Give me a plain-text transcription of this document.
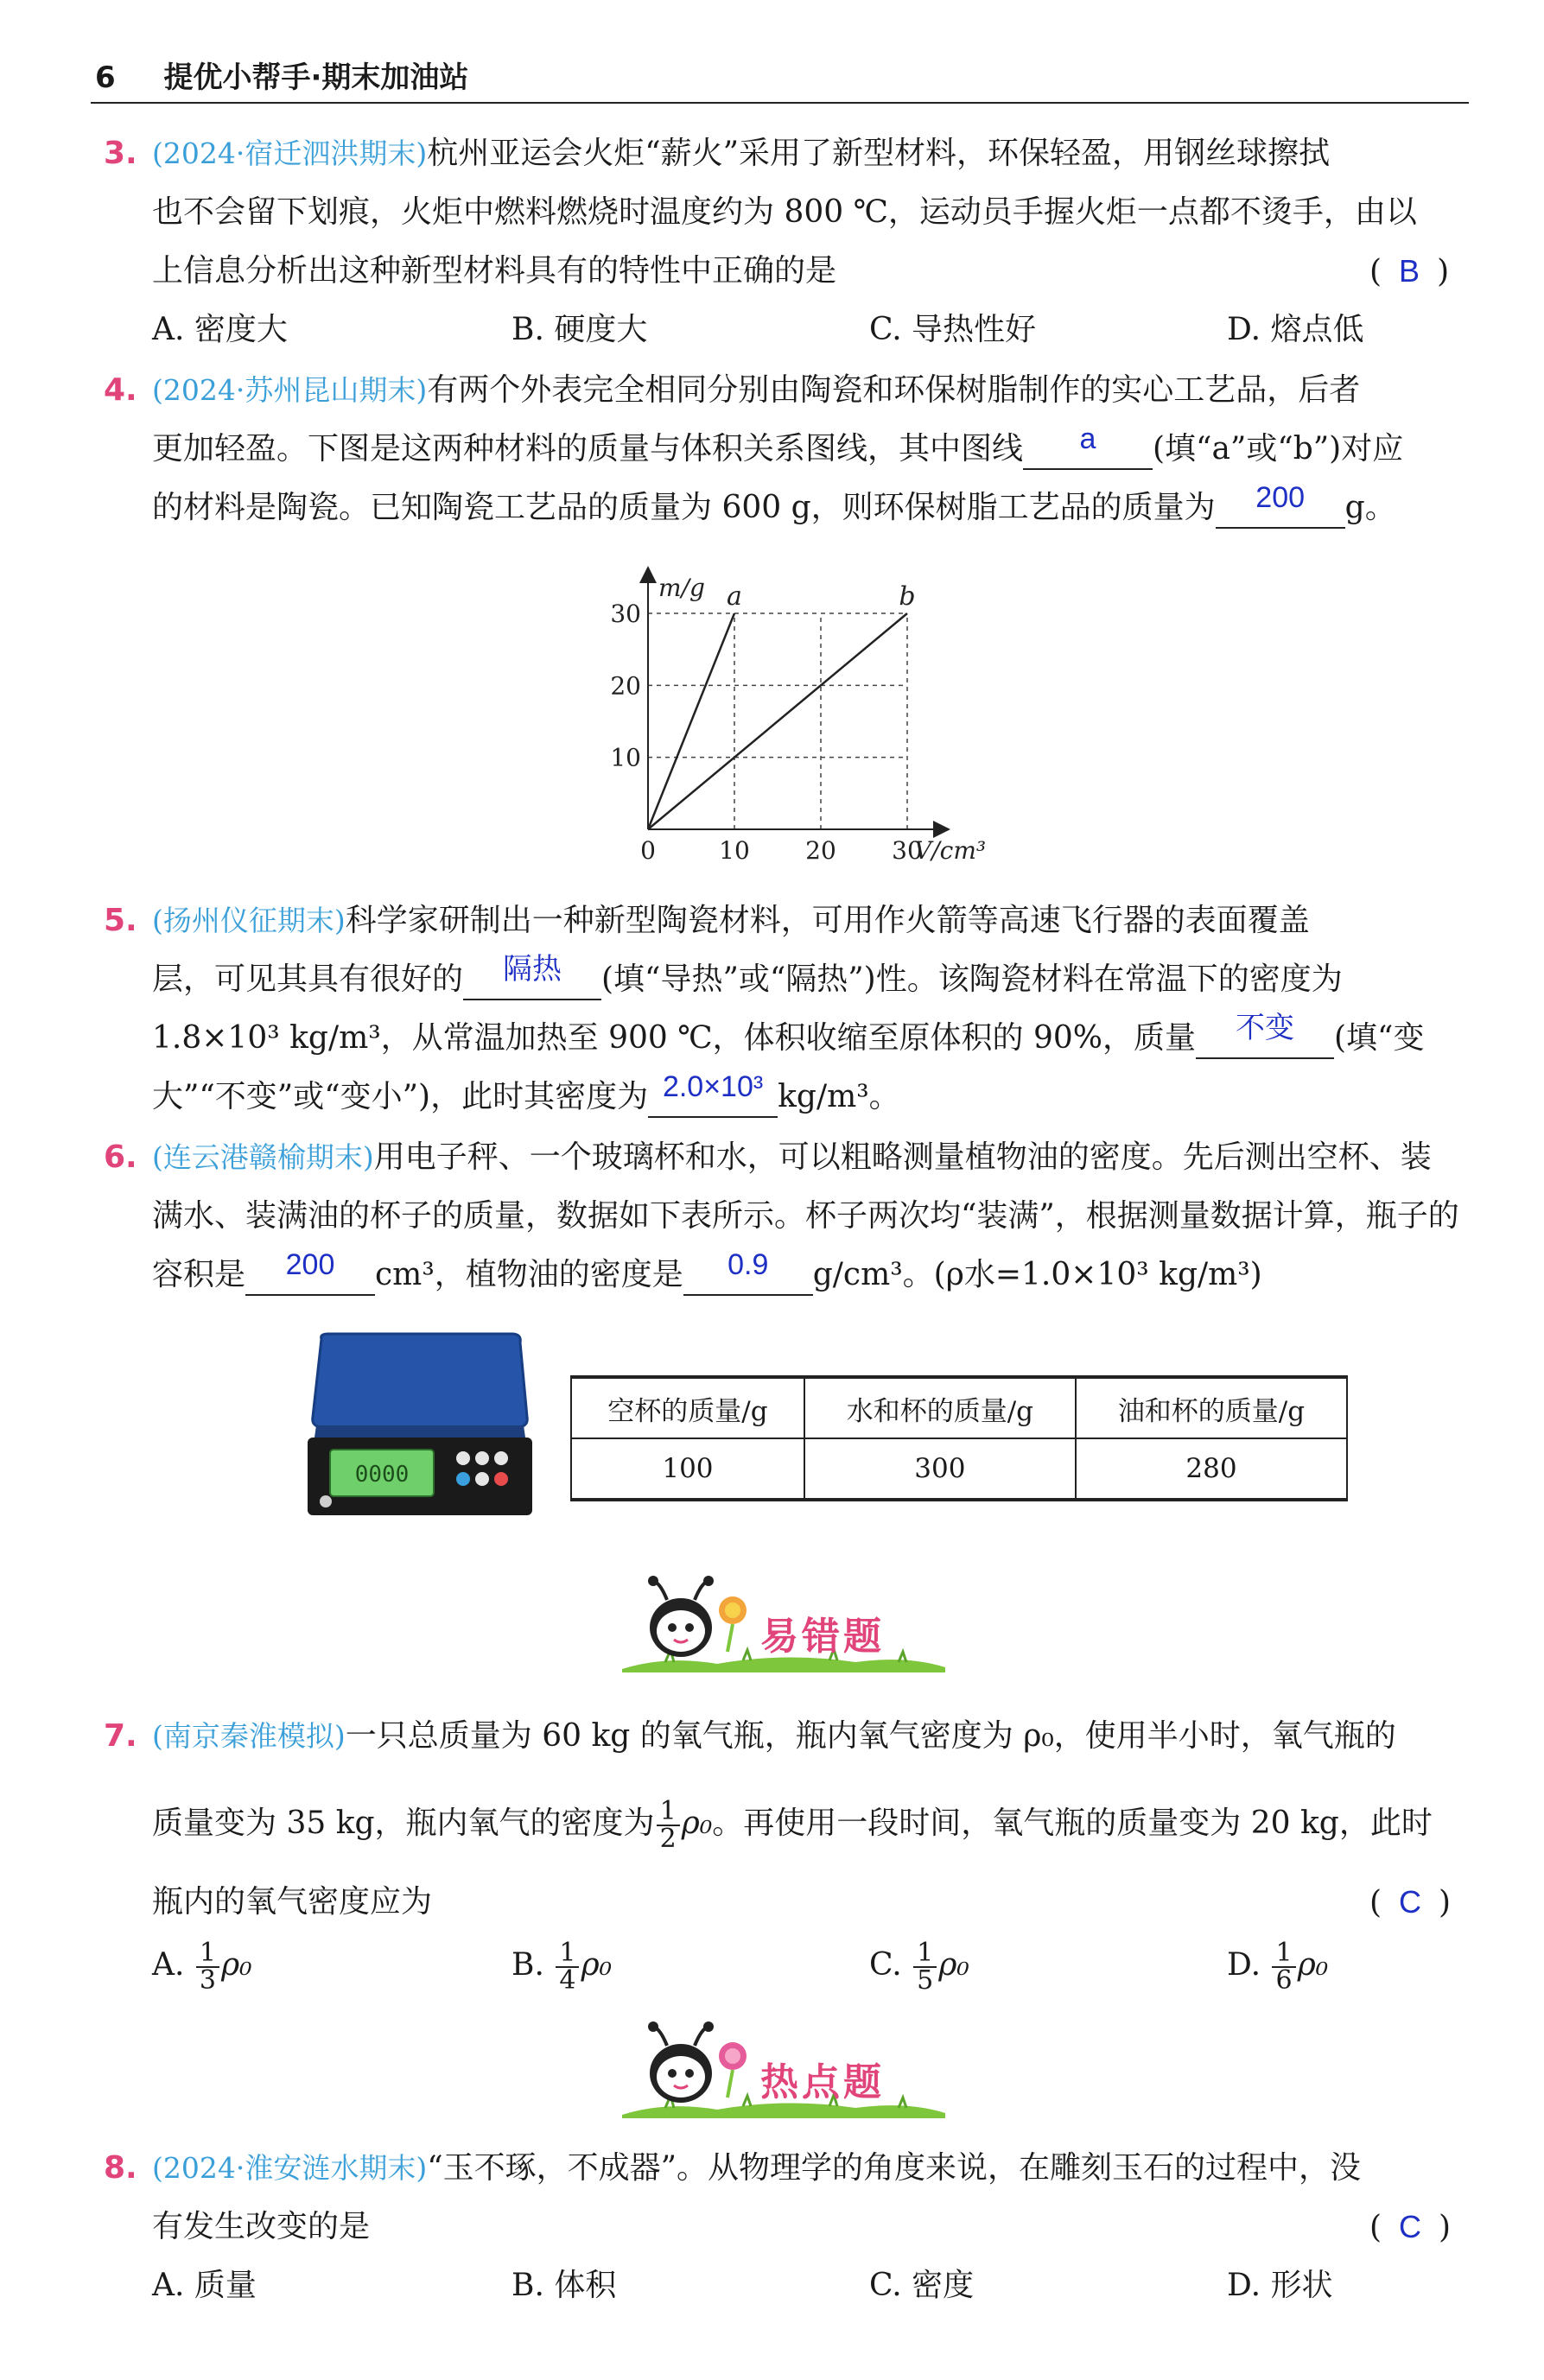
6 提优小帮手·期末加油站
3. (2024·宿迁泗洪期末)杭州亚运会火炬“薪火”采用了新型材料，环保轻盈，用钢丝球擦拭
也不会留下划痕，火炬中燃料燃烧时温度约为 800 ℃，运动员手握火炬一点都不烫手，由以
上信息分析出这种新型材料具有的特性中正确的是	( B )
A. 密度大	B. 硬度大	C. 导热性好	D. 熔点低
4. (2024·苏州昆山期末)有两个外表完全相同分别由陶瓷和环保树脂制作的实心工艺品，后者
更加轻盈。下图是这两种材料的质量与体积关系图线，其中图线	a	(填“a”或“b”)对应
的材料是陶瓷。已知陶瓷工艺品的质量为 600 g，则环保树脂工艺品的质量为	200	g。
0	10 20 30
10
20
30
V/cm³
m/g a	b
5. (扬州仪征期末)科学家研制出一种新型陶瓷材料，可用作火箭等高速飞行器的表面覆盖
层，可见其具有很好的	隔热	(填“导热”或“隔热”)性。该陶瓷材料在常温下的密度为
1.8×10³ kg/m³，从常温加热至 900 ℃，体积收缩至原体积的 90%，质量	不变	(填“变
大”“不变”或“变小”)，此时其密度为 2.0×10³ kg/m³。
6. (连云港赣榆期末)用电子秤、一个玻璃杯和水，可以粗略测量植物油的密度。先后测出空杯、装
满水、装满油的杯子的质量，数据如下表所示。杯子两次均“装满”，根据测量数据计算，瓶子的
容积是	200	cm³，植物油的密度是	0.9	g/cm³。(ρ水=1.0×10³ kg/m³)
0000
空杯的质量/g	水和杯的质量/g	油和杯的质量/g
100	300	280
易错题
7. (南京秦淮模拟)一只总质量为 60 kg 的氧气瓶，瓶内氧气密度为 ρ₀，使用半小时，氧气瓶的
质量变为 35 kg，瓶内氧气的密度为 $\frac{1}{2} \rho_0$。再使用一段时间，氧气瓶的质量变为 20 kg，此时
瓶内的氧气密度应为	( C )
A. $\frac{1}{3} \rho_0$	B. $\frac{1}{4} \rho_0$	C. $\frac{1}{5} \rho_0$	D. $\frac{1}{6} \rho_0$
热点题
8. (2024·淮安涟水期末)“玉不琢，不成器”。从物理学的角度来说，在雕刻玉石的过程中，没
有发生改变的是	( C )
A. 质量	B. 体积	C. 密度	D. 形状
